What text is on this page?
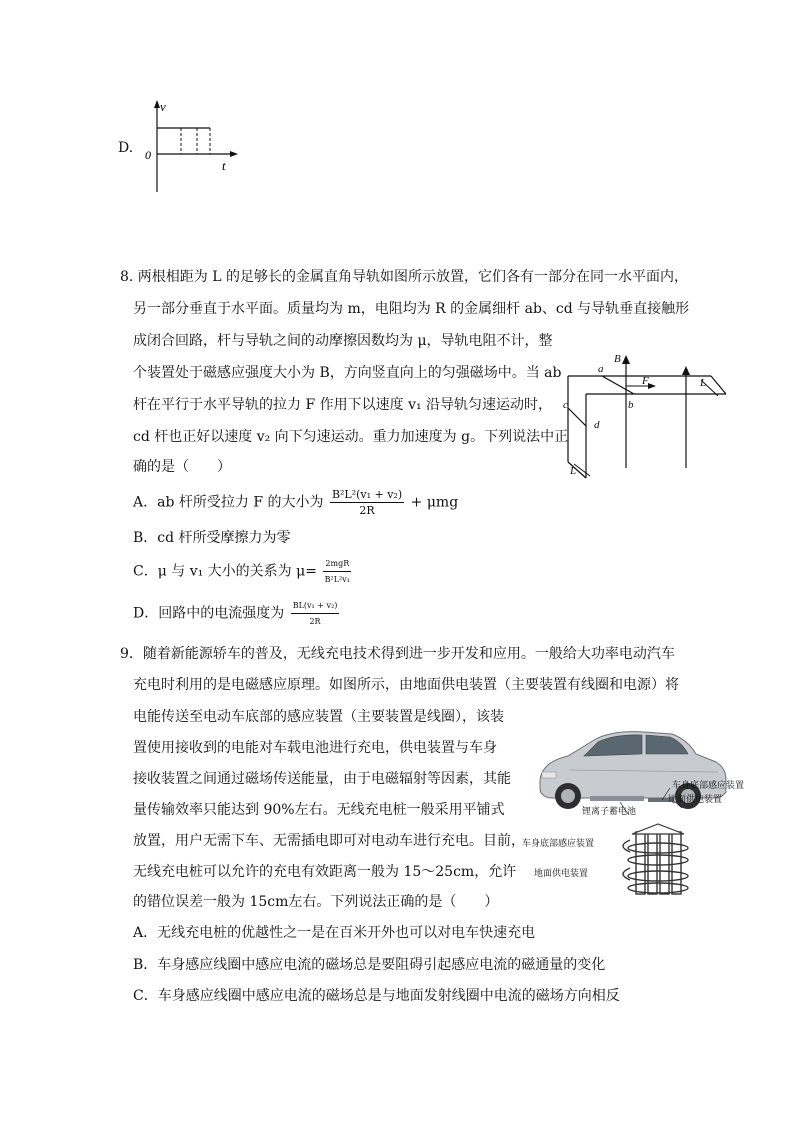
D.
v
0
t
8. 两根相距为 L 的足够长的金属直角导轨如图所示放置，它们各有一部分在同一水平面内，
另一部分垂直于水平面。质量均为 m，电阻均为 R 的金属细杆 ab、cd 与导轨垂直接触形
成闭合回路，杆与导轨之间的动摩擦因数均为 μ，导轨电阻不计，整
个装置处于磁感应强度大小为 B，方向竖直向上的匀强磁场中。当 ab
杆在平行于水平导轨的拉力 F 作用下以速度 v₁ 沿导轨匀速运动时，
cd 杆也正好以速度 v₂ 向下匀速运动。重力加速度为 g。下列说法中正
确的是（　　）
A．ab 杆所受拉力 F 的大小为 $\frac{\text{B²L²(v₁ + v₂)}}{2R} + \mu mg$
B．cd 杆所受摩擦力为零
C．μ 与 v₁ 大小的关系为 $\mu= \frac{\text{2mgR}}{\text{B²L²v₁}}$
D．回路中的电流强度为 $\frac{\text{BL(v₁ + v₂)}}{2R}$
B
a
F
b
c
d
L
L
9．随着新能源轿车的普及，无线充电技术得到进一步开发和应用。一般给大功率电动汽车
充电时利用的是电磁感应原理。如图所示，由地面供电装置（主要装置有线圈和电源）将
电能传送至电动车底部的感应装置（主要装置是线圈），该装
置使用接收到的电能对车载电池进行充电，供电装置与车身
接收装置之间通过磁场传送能量，由于电磁辐射等因素，其能
量传输效率只能达到 90%左右。无线充电桩一般采用平铺式
放置，用户无需下车、无需插电即可对电动车进行充电。目前，
无线充电桩可以允许的充电有效距离一般为 15～25cm，允许
的错位误差一般为 15cm左右。下列说法正确的是（　　）
A．无线充电桩的优越性之一是在百米开外也可以对电车快速充电
B．车身感应线圈中感应电流的磁场总是要阻碍引起感应电流的磁通量的变化
C．车身感应线圈中感应电流的磁场总是与地面发射线圈中电流的磁场方向相反
车身底部感应装置
地面供电装置
锂离子蓄电池
车身底部感应装置
地面供电装置
